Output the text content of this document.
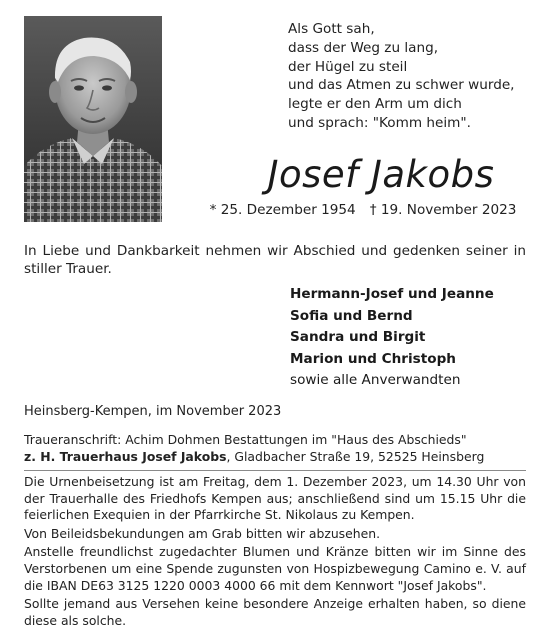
Als Gott sah,
dass der Weg zu lang,
der Hügel zu steil
und das Atmen zu schwer wurde,
legte er den Arm um dich
und sprach: "Komm heim".
Josef Jakobs
* 25. Dezember 1954 † 19. November 2023
In Liebe und Dankbarkeit nehmen wir Abschied und gedenken seiner in stiller Trauer.
Hermann-Josef und Jeanne
Sofia und Bernd
Sandra und Birgit
Marion und Christoph
sowie alle Anverwandten
Heinsberg-Kempen, im November 2023
Traueranschrift: Achim Dohmen Bestattungen im "Haus des Abschieds"
z. H. Trauerhaus Josef Jakobs, Gladbacher Straße 19, 52525 Heinsberg

Die Urnenbeisetzung ist am Freitag, dem 1. Dezember 2023, um 14.30 Uhr von der Trauerhalle des Friedhofs Kempen aus; anschließend sind um 15.15 Uhr die feierlichen Exequien in der Pfarrkirche St. Nikolaus zu Kempen.

Von Beileidsbekundungen am Grab bitten wir abzusehen.

Anstelle freundlichst zugedachter Blumen und Kränze bitten wir im Sinne des Verstorbenen um eine Spende zugunsten von Hospizbewegung Camino e. V. auf die IBAN DE63 3125 1220 0003 4000 66 mit dem Kennwort "Josef Jakobs".

Sollte jemand aus Versehen keine besondere Anzeige erhalten haben, so diene diese als solche.
